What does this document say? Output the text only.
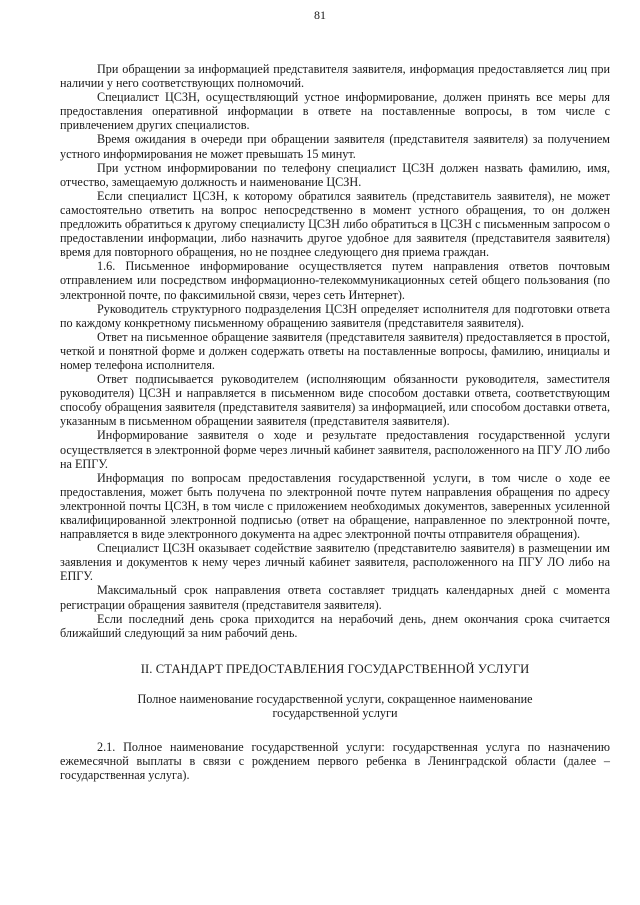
81

При обращении за информацией представителя заявителя, информация предоставляется лиц при наличии у него соответствующих полномочий.

Специалист ЦСЗН, осуществляющий устное информирование, должен принять все меры для предоставления оперативной информации в ответе на поставленные вопросы, в том числе с привлечением других специалистов.

Время ожидания в очереди при обращении заявителя (представителя заявителя) за получением устного информирования не может превышать 15 минут.

При устном информировании по телефону специалист ЦСЗН должен назвать фамилию, имя, отчество, замещаемую должность и наименование ЦСЗН.

Если специалист ЦСЗН, к которому обратился заявитель (представитель заявителя), не может самостоятельно ответить на вопрос непосредственно в момент устного обращения, то он должен предложить обратиться к другому специалисту ЦСЗН либо обратиться в ЦСЗН с письменным запросом о предоставлении информации, либо назначить другое удобное для заявителя (представителя заявителя) время для повторного обращения, но не позднее следующего дня приема граждан.

1.6. Письменное информирование осуществляется путем направления ответов почтовым отправлением или посредством информационно-телекоммуникационных сетей общего пользования (по электронной почте, по факсимильной связи, через сеть Интернет).

Руководитель структурного подразделения ЦСЗН определяет исполнителя для подготовки ответа по каждому конкретному письменному обращению заявителя (представителя заявителя).

Ответ на письменное обращение заявителя (представителя заявителя) предоставляется в простой, четкой и понятной форме и должен содержать ответы на поставленные вопросы, фамилию, инициалы и номер телефона исполнителя.

Ответ подписывается руководителем (исполняющим обязанности руководителя, заместителя руководителя) ЦСЗН и направляется в письменном виде способом доставки ответа, соответствующим способу обращения заявителя (представителя заявителя) за информацией, или способом доставки ответа, указанным в письменном обращении заявителя (представителя заявителя).

Информирование заявителя о ходе и результате предоставления государственной услуги осуществляется в электронной форме через личный кабинет заявителя, расположенного на ПГУ ЛО либо на ЕПГУ.

Информация по вопросам предоставления государственной услуги, в том числе о ходе ее предоставления, может быть получена по электронной почте путем направления обращения по адресу электронной почты ЦСЗН, в том числе с приложением необходимых документов, заверенных усиленной квалифицированной электронной подписью (ответ на обращение, направленное по электронной почте, направляется в виде электронного документа на адрес электронной почты отправителя обращения).

Специалист ЦСЗН оказывает содействие заявителю (представителю заявителя) в размещении им заявления и документов к нему через личный кабинет заявителя, расположенного на ПГУ ЛО либо на ЕПГУ.

Максимальный срок направления ответа составляет тридцать календарных дней с момента регистрации обращения заявителя (представителя заявителя).

Если последний день срока приходится на нерабочий день, днем окончания срока считается ближайший следующий за ним рабочий день.

II. СТАНДАРТ ПРЕДОСТАВЛЕНИЯ ГОСУДАРСТВЕННОЙ УСЛУГИ
Полное наименование государственной услуги, сокращенное наименование государственной услуги

2.1. Полное наименование государственной услуги: государственная услуга по назначению ежемесячной выплаты в связи с рождением первого ребенка в Ленинградской области (далее – государственная услуга).
